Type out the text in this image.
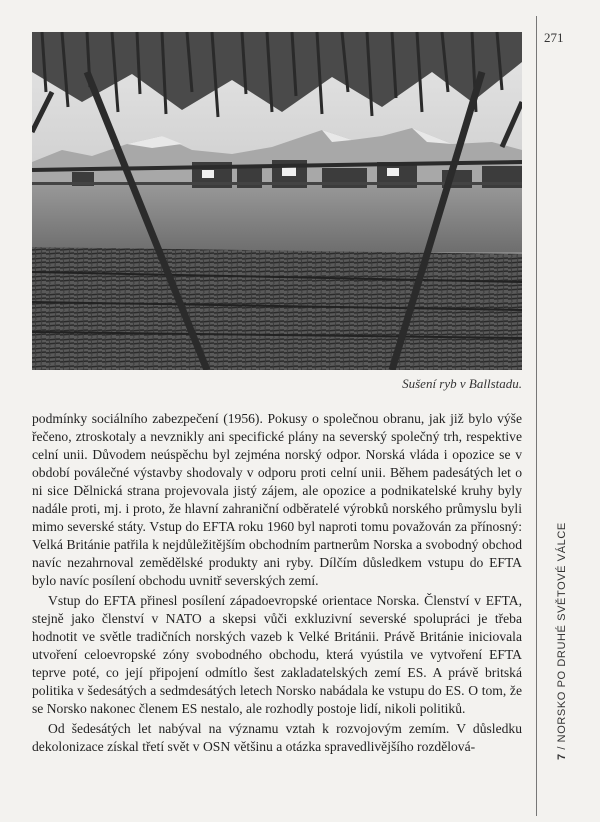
271
7 / NORSKO PO DRUHÉ SVĚTOVÉ VÁLCE
Sušení ryb v Ballstadu.

podmínky sociálního zabezpečení (1956). Pokusy o společnou obranu, jak již bylo výše řečeno, ztroskotaly a nevznikly ani specifické plány na severský společný trh, respektive celní unii. Důvodem neúspěchu byl zejména norský odpor. Norská vláda i opozice se v období poválečné výstavby shodovaly v odporu proti celní unii. Během padesátých let o ni sice Dělnická strana projevovala jistý zájem, ale opozice a podnikatelské kruhy byly nadále proti, mj. i proto, že hlavní zahraniční odběratelé výrobků norského průmyslu byli mimo severské státy. Vstup do EFTA roku 1960 byl naproti tomu považován za přínosný: Velká Británie patřila k nejdůležitějším obchodním partnerům Norska a svobodný obchod navíc nezahrnoval zemědělské produkty ani ryby. Dílčím důsledkem vstupu do EFTA bylo navíc posílení obchodu uvnitř severských zemí.

Vstup do EFTA přinesl posílení západoevropské orientace Norska. Členství v EFTA, stejně jako členství v NATO a skepsi vůči exkluzivní severské spolupráci je třeba hodnotit ve světle tradičních norských vazeb k Velké Británii. Právě Británie iniciovala utvoření celoevropské zóny svobodného obchodu, která vyústila ve vytvoření EFTA teprve poté, co její připojení odmítlo šest zakladatelských zemí ES. A právě britská politika v šedesátých a sedmdesátých letech Norsko nabádala ke vstupu do ES. O tom, že se Norsko nakonec členem ES nestalo, ale rozhodly postoje lidí, nikoli politiků.

Od šedesátých let nabýval na významu vztah k rozvojovým zemím. V důsledku dekolonizace získal třetí svět v OSN většinu a otázka spravedlivějšího rozdělová-
